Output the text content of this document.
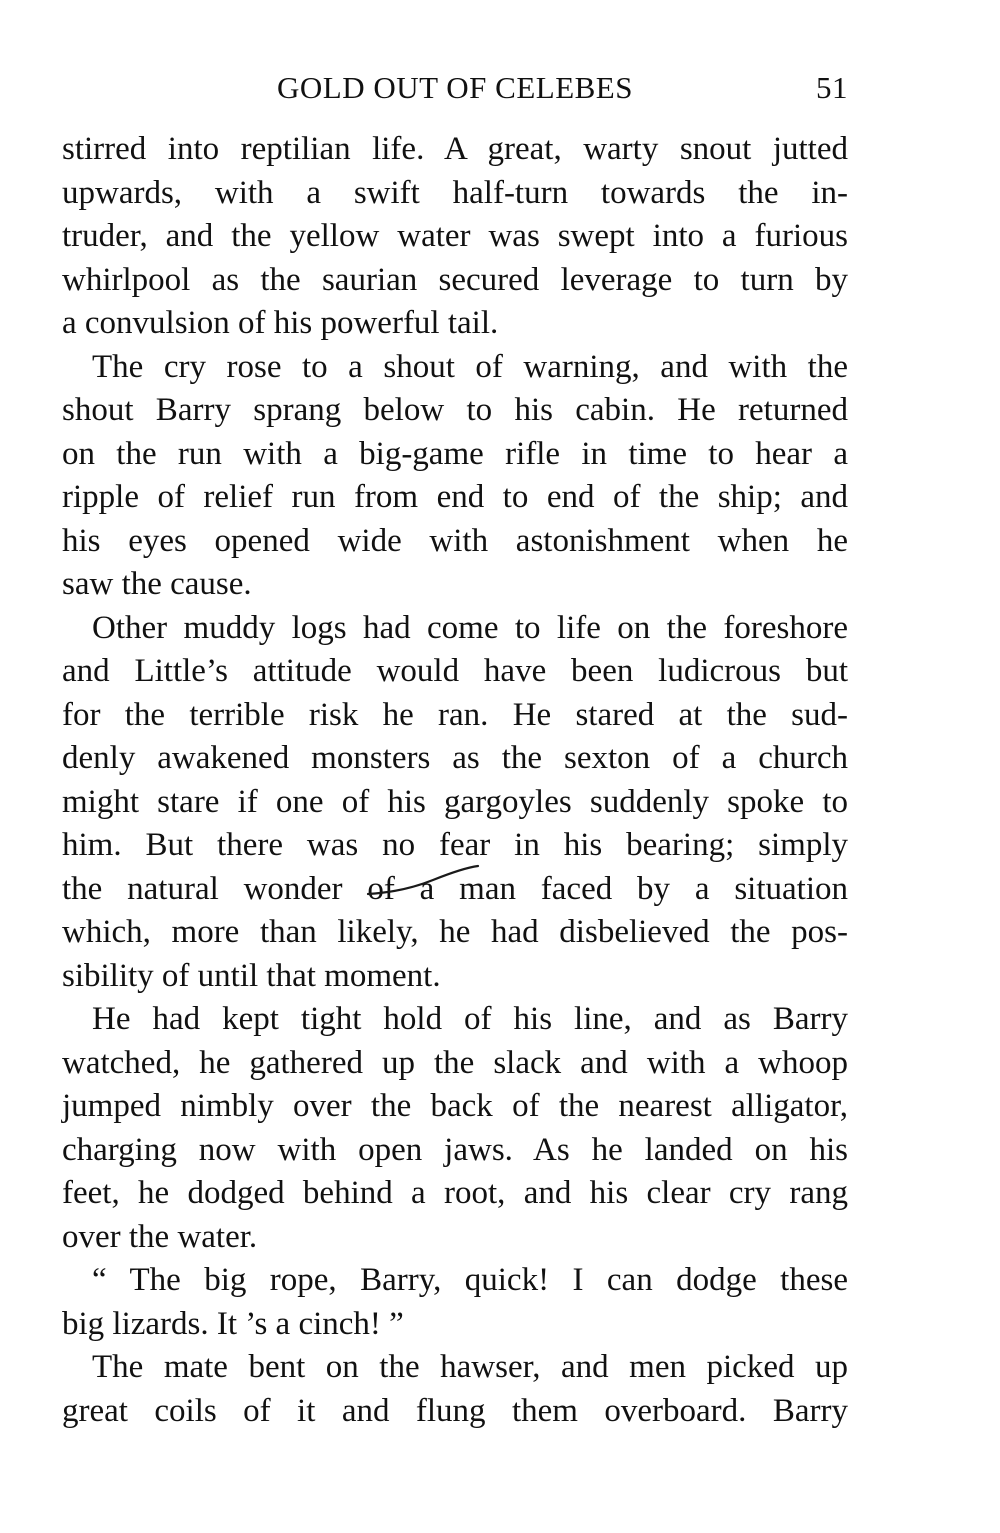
GOLD OUT OF CELEBES	51
stirred into reptilian life. A great, warty snout jutted
upwards, with a swift half-turn towards the in-
truder, and the yellow water was swept into a furious
whirlpool as the saurian secured leverage to turn by
a convulsion of his powerful tail.
The cry rose to a shout of warning, and with the
shout Barry sprang below to his cabin. He returned
on the run with a big-game rifle in time to hear a
ripple of relief run from end to end of the ship; and
his eyes opened wide with astonishment when he
saw the cause.
Other muddy logs had come to life on the foreshore
and Little’s attitude would have been ludicrous but
for the terrible risk he ran. He stared at the sud-
denly awakened monsters as the sexton of a church
might stare if one of his gargoyles suddenly spoke to
him. But there was no fear in his bearing; simply
the natural wonder of a man faced by a situation
which, more than likely, he had disbelieved the pos-
sibility of until that moment.
He had kept tight hold of his line, and as Barry
watched, he gathered up the slack and with a whoop
jumped nimbly over the back of the nearest alligator,
charging now with open jaws. As he landed on his
feet, he dodged behind a root, and his clear cry rang
over the water.
“ The big rope, Barry, quick! I can dodge these
big lizards. It ’s a cinch! ”
The mate bent on the hawser, and men picked up
great coils of it and flung them overboard. Barry
